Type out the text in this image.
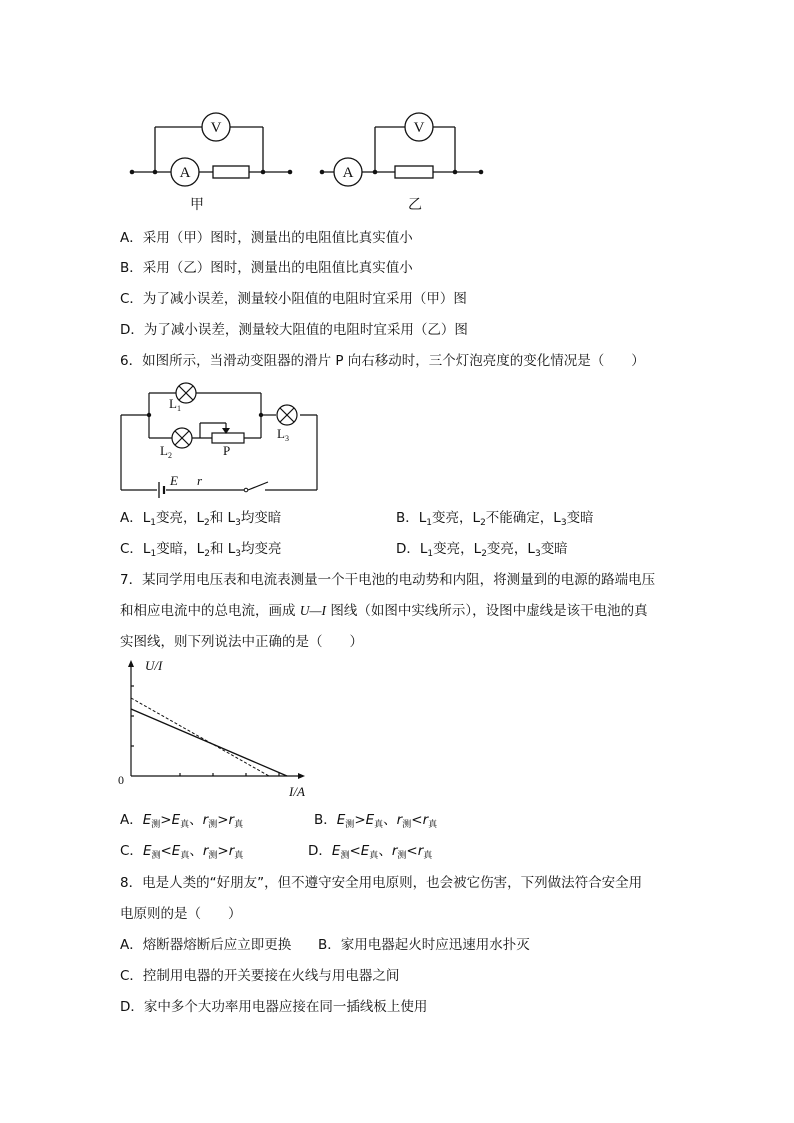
V
A
甲
V
A
乙
A．采用（甲）图时，测量出的电阻值比真实值小
B．采用（乙）图时，测量出的电阻值比真实值小
C．为了减小误差，测量较小阻值的电阻时宜采用（甲）图
D．为了减小误差，测量较大阻值的电阻时宜采用（乙）图
6．如图所示，当滑动变阻器的滑片 P 向右移动时，三个灯泡亮度的变化情况是（　　）
$L_1$
$L_2$
$L_3$
P
E r
A．$L_1$变亮，$L_2$和 $L_3$均变暗	B．$L_1$变亮，$L_2$不能确定，$L_3$变暗
C．$L_1$变暗，$L_2$和 $L_3$均变亮	D．$L_1$变亮，$L_2$变亮，$L_3$变暗
7．某同学用电压表和电流表测量一个干电池的电动势和内阻，将测量到的电源的路端电压
和相应电流中的总电流，画成 U—I 图线（如图中实线所示），设图中虚线是该干电池的真
实图线，则下列说法中正确的是（　　）
U/I
I/A
0
A．$E_测>E_真$、$r_测>r_真$	B．$E_测>E_真$、$r_测<r_真$
C．$E_测<E_真$、$r_测>r_真$	D．$E_测<E_真$、$r_测<r_真$
8．电是人类的“好朋友”，但不遵守安全用电原则，也会被它伤害，下列做法符合安全用
电原则的是（　　）
A．熔断器熔断后应立即更换 B．家用电器起火时应迅速用水扑灭
C．控制用电器的开关要接在火线与用电器之间
D．家中多个大功率用电器应接在同一插线板上使用
